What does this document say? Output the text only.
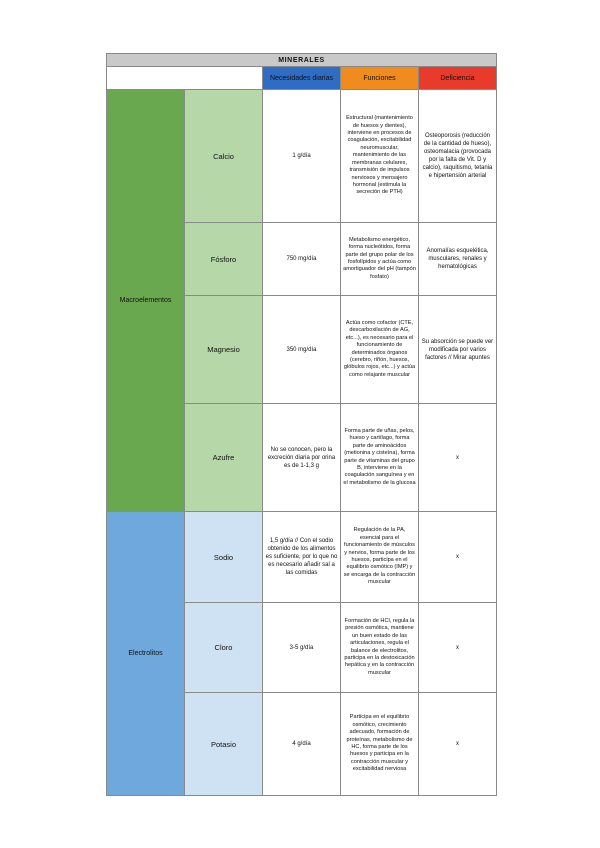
MINERALES				
		Necesidades diarias	Funciones	Deficiencia
Macroelementos	Calcio	1 g/día	Estructural (mantenimiento de huesos y dientes), interviene en procesos de coagulación, excitabilidad neuromuscular, mantenimiento de las membranas celulares, transmisión de impulsos nerviosos y mensajero hormonal (estimula la secreción de PTH)	Osteoporosis (reducción de la cantidad de hueso), osteomalacia (provocada por la falta de Vit. D y calcio), raquitismo, tetania e hipertensión arterial
	Fósforo	750 mg/día	Metabolismo energético, forma nucleótidos, forma parte del grupo polar de los fosfolípidos y actúa como amortiguador del pH (tampón fosfato)	Anomalías esquelética, musculares, renales y hematológicas
	Magnesio	350 mg/día	Actúa como cofactor (CTE, descarboxilación de AG, etc...), es necesario para el funcionamiento de determinados órganos (cerebro, riñón, huesos, glóbulos rojos, etc...) y actúa como relajante muscular	Su absorción se puede ver modificada por varios factores // Mirar apuntes
	Azufre	No se conocen, pero la excreción diaria por orina es de 1-1,3 g	Forma parte de uñas, pelos, hueso y cartílago, forma parte de aminoácidos (metionina y cisteína), forma parte de vitaminas del grupo B, interviene en la coagulación sanguínea y en el metabolismo de la glucosa	x
Electrolitos	Sodio	1,5 g/día // Con el sodio obtenido de los alimentos es suficiente, por lo que no es necesario añadir sal a las comidas	Regulación de la PA, esencial para el funcionamiento de músculos y nervios, forma parte de los huesos, participa en el equilibrio osmótico (IMP) y se encarga de la contracción muscular	x
	Cloro	3-5 g/día	Formación de HCl, regula la presión osmótica, mantiene un buen estado de las articulaciones, regula el balance de electrolitos, participa en la destoxicación hepática y en la contracción muscular	x
	Potasio	4 g/día	Participa en el equilibrio osmótico, crecimiento adecuado, formación de proteínas, metabolismo de HC, forma parte de los huesos y participa en la contracción muscular y excitabilidad nerviosa	x
